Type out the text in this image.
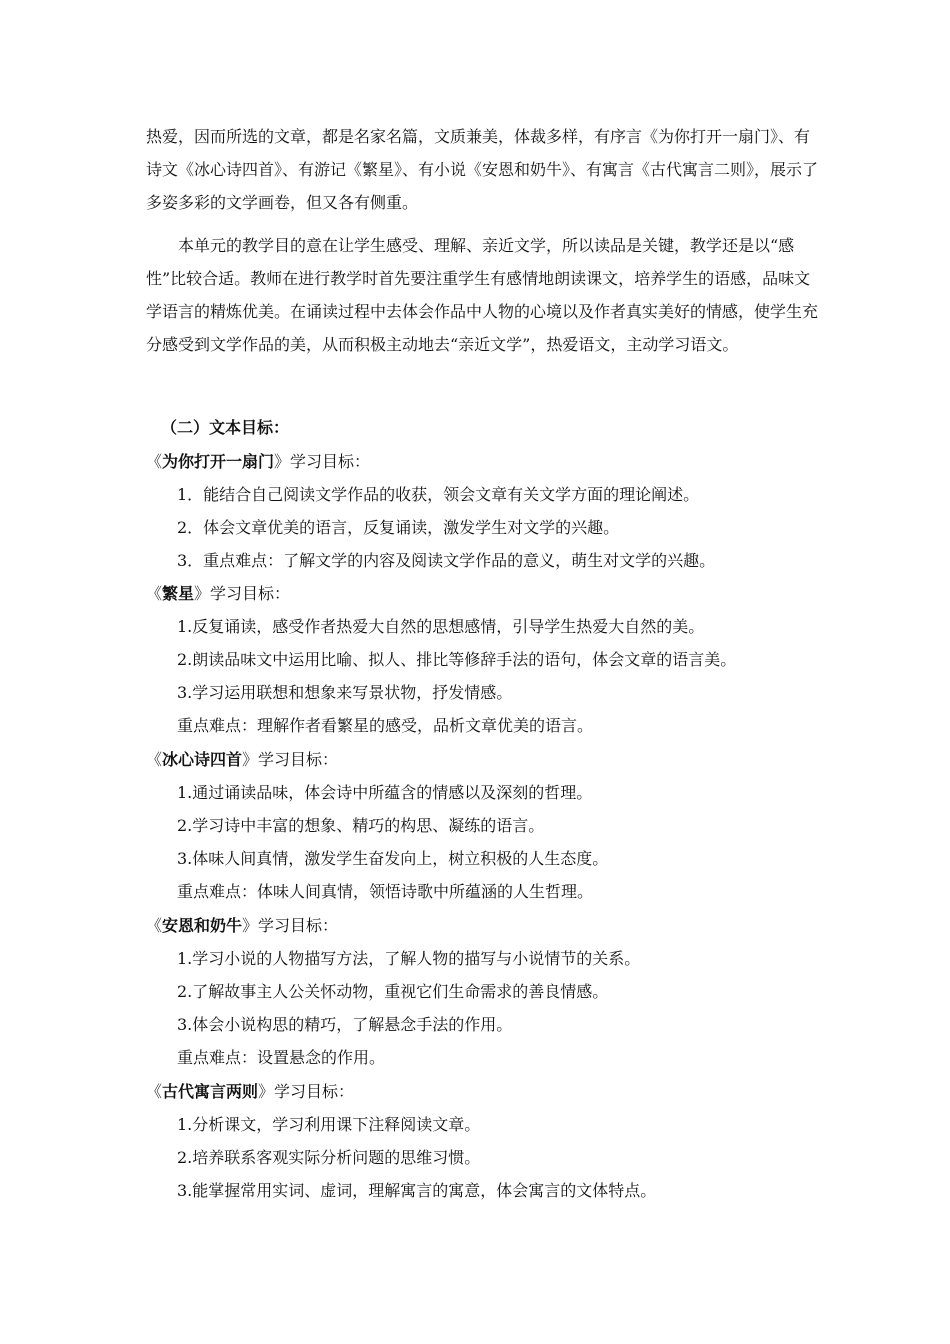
热爱，因而所选的文章，都是名家名篇，文质兼美，体裁多样，有序言《为你打开一扇门》、有诗文《冰心诗四首》、有游记《繁星》、有小说《安恩和奶牛》、有寓言《古代寓言二则》，展示了多姿多彩的文学画卷，但又各有侧重。

本单元的教学目的意在让学生感受、理解、亲近文学，所以读品是关键，教学还是以“感性”比较合适。教师在进行教学时首先要注重学生有感情地朗读课文，培养学生的语感，品味文学语言的精炼优美。在诵读过程中去体会作品中人物的心境以及作者真实美好的情感，使学生充分感受到文学作品的美，从而积极主动地去“亲近文学”，热爱语文，主动学习语文。

（二）文本目标：

《为你打开一扇门》学习目标：

1．能结合自己阅读文学作品的收获，领会文章有关文学方面的理论阐述。

2．体会文章优美的语言，反复诵读，激发学生对文学的兴趣。

3．重点难点：了解文学的内容及阅读文学作品的意义，萌生对文学的兴趣。

《繁星》学习目标：

1.反复诵读，感受作者热爱大自然的思想感情，引导学生热爱大自然的美。

2.朗读品味文中运用比喻、拟人、排比等修辞手法的语句，体会文章的语言美。

3.学习运用联想和想象来写景状物，抒发情感。

重点难点：理解作者看繁星的感受，品析文章优美的语言。

《冰心诗四首》学习目标：

1.通过诵读品味，体会诗中所蕴含的情感以及深刻的哲理。

2.学习诗中丰富的想象、精巧的构思、凝练的语言。

3.体味人间真情，激发学生奋发向上，树立积极的人生态度。

重点难点：体味人间真情，领悟诗歌中所蕴涵的人生哲理。

《安恩和奶牛》学习目标：

1.学习小说的人物描写方法，了解人物的描写与小说情节的关系。

2.了解故事主人公关怀动物，重视它们生命需求的善良情感。

3.体会小说构思的精巧，了解悬念手法的作用。

重点难点：设置悬念的作用。

《古代寓言两则》学习目标：

1.分析课文，学习利用课下注释阅读文章。

2.培养联系客观实际分析问题的思维习惯。

3.能掌握常用实词、虚词，理解寓言的寓意，体会寓言的文体特点。
